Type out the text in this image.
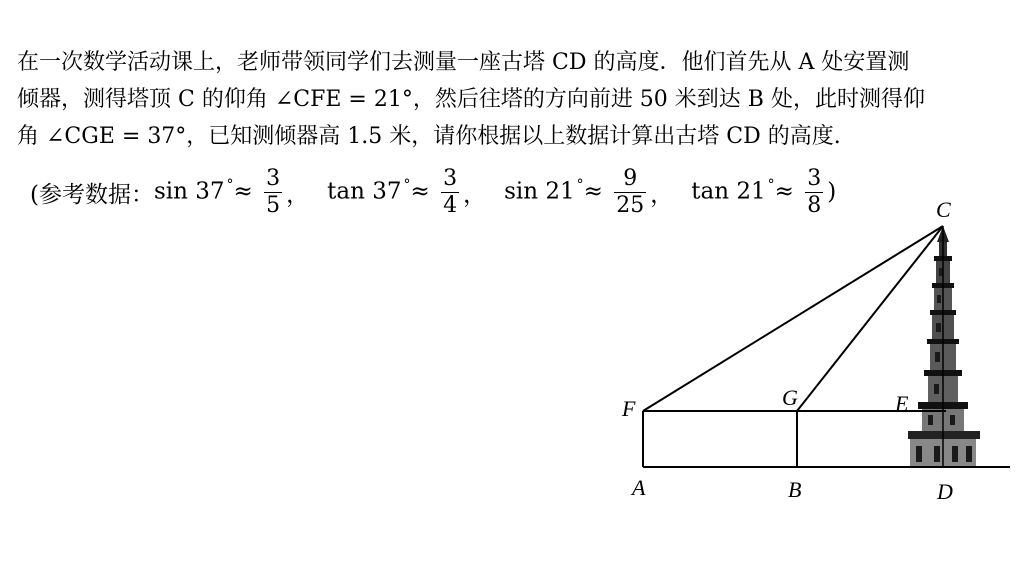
在一次数学活动课上，老师带领同学们去测量一座古塔 CD 的高度．他们首先从 A 处安置测

倾器，测得塔顶 C 的仰角 ∠CFE = 21°，然后往塔的方向前进 50 米到达 B 处，此时测得仰

角 ∠CGE = 37°，已知测倾器高 1.5 米，请你根据以上数据计算出古塔 CD 的高度.

(参考数据： sin 37 $^\circ\approx \frac{3}{5}$ ， tan 37 $^\circ\approx \frac{3}{4}$ ， sin 21 $^\circ\approx \frac{9}{25}$ ， tan 21 $^\circ\approx \frac{3}{8}$ )
C
F	G	E
A	B	D
